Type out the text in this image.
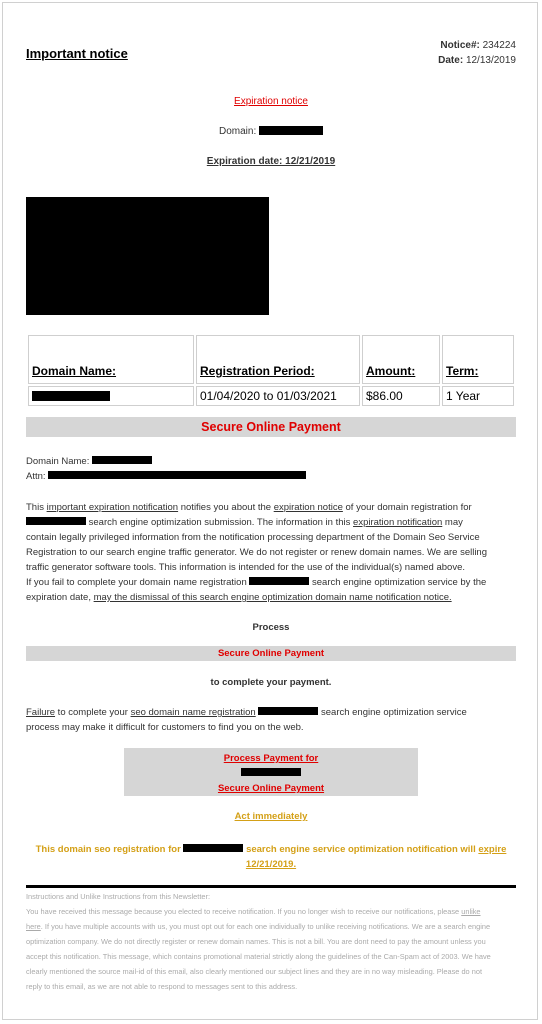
Important notice
Notice#: 234224
Date: 12/13/2019
Expiration notice
Domain:
Expiration date: 12/21/2019
Domain Name:	Registration Period:	Amount:	Term:
	01/04/2020 to 01/03/2021	$86.00	1 Year
Secure Online Payment
Domain Name:
Attn:
This important expiration notification notifies you about the expiration notice of your domain registration for
search engine optimization submission. The information in this expiration notification may
contain legally privileged information from the notification processing department of the Domain Seo Service
Registration to our search engine traffic generator. We do not register or renew domain names. We are selling
traffic generator software tools. This information is intended for the use of the individual(s) named above.
If you fail to complete your domain name registration	search engine optimization service by the
expiration date, may the dismissal of this search engine optimization domain name notification notice.
Process
Secure Online Payment
to complete your payment.
Failure to complete your seo domain name registration	search engine optimization service
process may make it difficult for customers to find you on the web.
Process Payment for
Secure Online Payment
Act immediately
This domain seo registration for	search engine service optimization notification will expire
12/21/2019.
Instructions and Unlike Instructions from this Newsletter:
You have received this message because you elected to receive notification. If you no longer wish to receive our notifications, please unlike
here. If you have multiple accounts with us, you must opt out for each one individually to unlike receiving notifications. We are a search engine
optimization company. We do not directly register or renew domain names. This is not a bill. You are dont need to pay the amount unless you
accept this notification. This message, which contains promotional material strictly along the guidelines of the Can-Spam act of 2003. We have
clearly mentioned the source mail-id of this email, also clearly mentioned our subject lines and they are in no way misleading. Please do not
reply to this email, as we are not able to respond to messages sent to this address.
